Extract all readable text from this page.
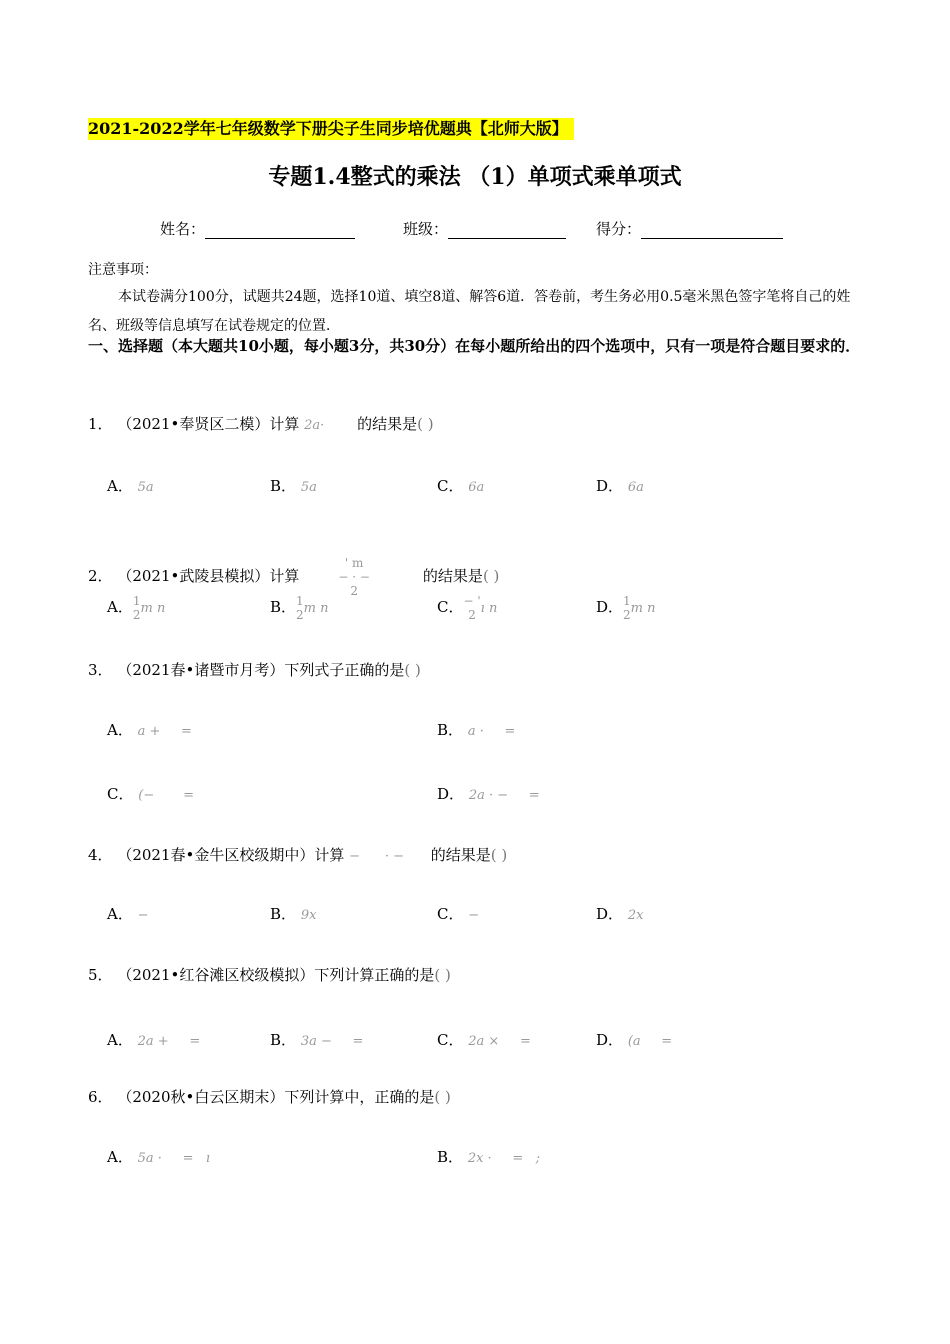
2021-2022学年七年级数学下册尖子生同步培优题典【北师大版】
专题1.4整式的乘法 （1）单项式乘单项式
姓名：	班级：	得分：
注意事项：
本试卷满分100分，试题共24题，选择10道、填空8道、解答6道．答卷前，考生务必用0.5毫米黑色签字笔将自己的姓名、班级等信息填写在试卷规定的位置．
一、选择题（本大题共10小题，每小题3分，共30分）在每小题所给出的四个选项中，只有一项是符合题目要求的．
1． （2021•奉贤区二模）计算 2a· 的结果是( )
A． 5a	B． 5a	C． 6a	D． 6a
2． （2021•武陵县模拟）计算
' m
− · −
2
的结果是( )
A． 1
2 m n	B． 1
2 m n	C． − '
2 ı n	D． 1
2 m n
3． （2021春•诸暨市月考）下列式子正确的是( )
A． a +     =	B． a ·     =
C． (−       =	D． 2a · −     =
4． （2021春•金牛区校级期中）计算 −      · − 的结果是( )
A． −	B． 9x	C． −	D． 2x
5． （2021•红谷滩区校级模拟）下列计算正确的是( )
A． 2a +     =	B． 3a −     =	C． 2a ×     =	D． (a     =
6． （2020秋•白云区期末）下列计算中，正确的是( )
A． 5a ·     =   ı	B． 2x ·     =   ;
